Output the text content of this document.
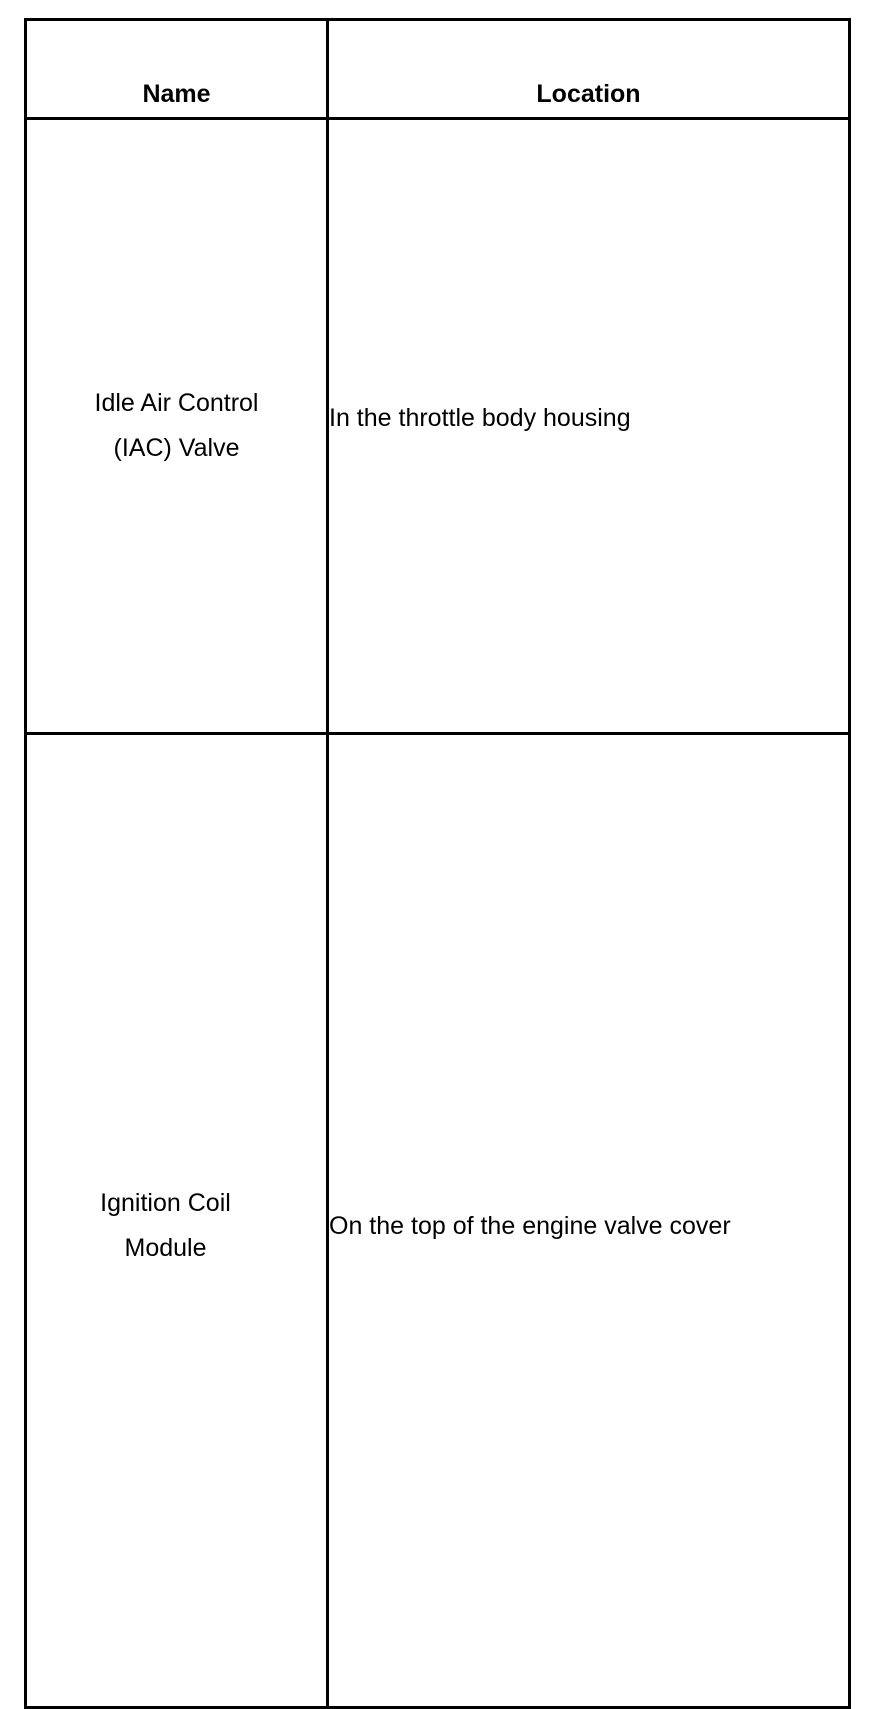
Name	Location
Idle Air Control (IAC) Valve	In the throttle body housing
Ignition Coil Module	On the top of the engine valve cover
